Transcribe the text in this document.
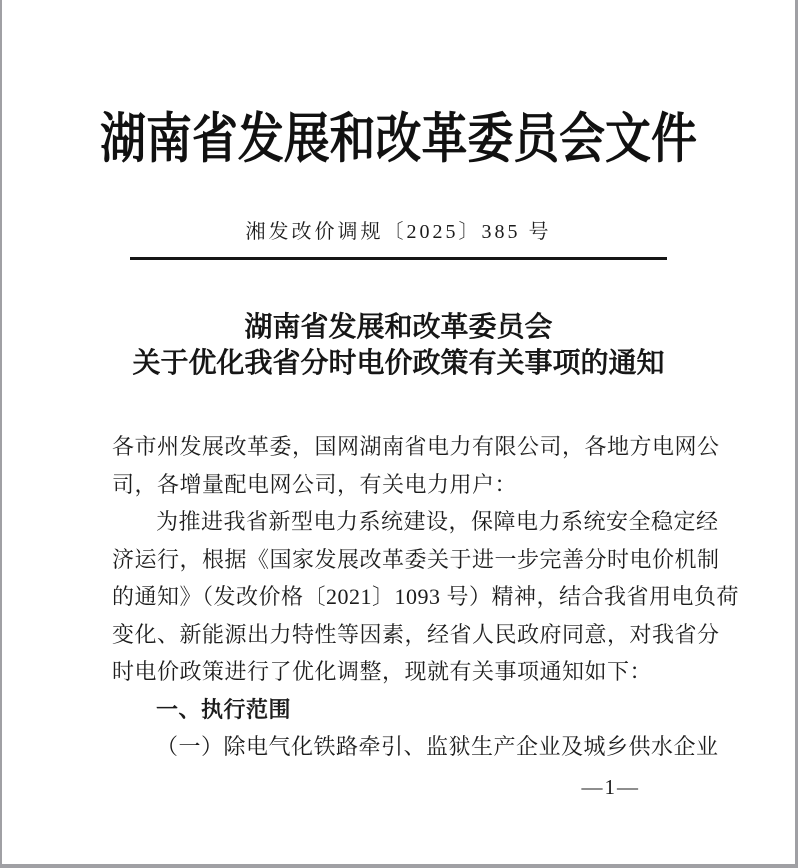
湖南省发展和改革委员会文件
湘发改价调规〔2025〕385 号
湖南省发展和改革委员会
关于优化我省分时电价政策有关事项的通知
各市州发展改革委，国网湖南省电力有限公司，各地方电网公
司，各增量配电网公司，有关电力用户：
为推进我省新型电力系统建设，保障电力系统安全稳定经
济运行，根据《国家发展改革委关于进一步完善分时电价机制
的通知》（发改价格〔2021〕1093 号）精神，结合我省用电负荷
变化、新能源出力特性等因素，经省人民政府同意，对我省分
时电价政策进行了优化调整，现就有关事项通知如下：
一、执行范围
（一）除电气化铁路牵引、监狱生产企业及城乡供水企业
—1—
